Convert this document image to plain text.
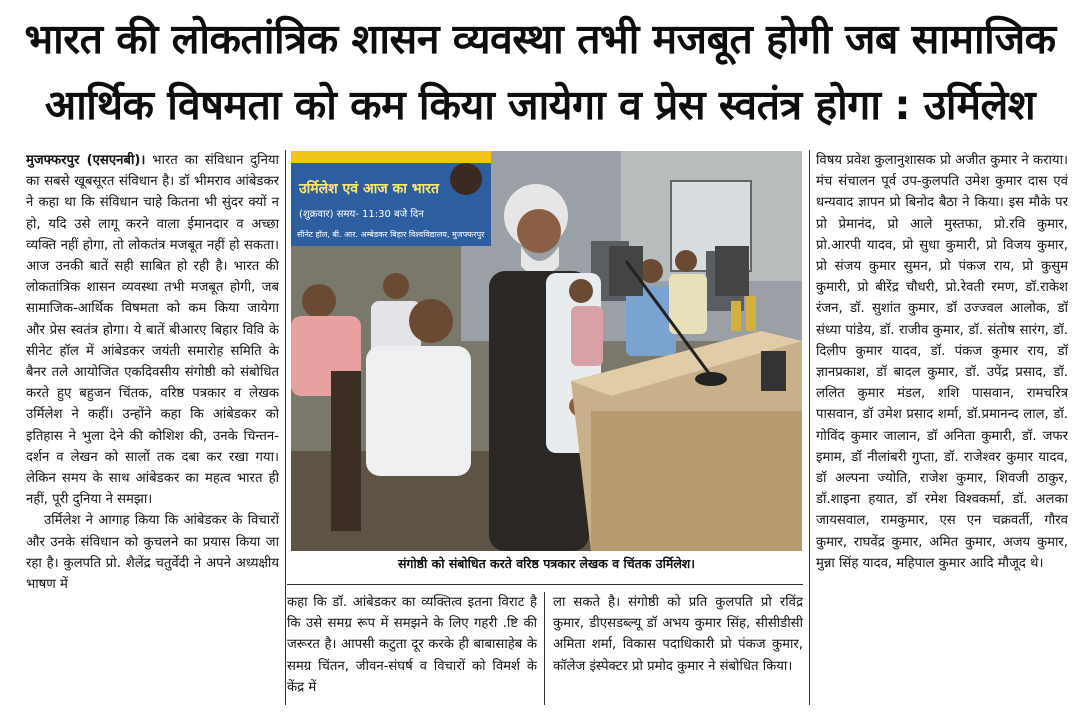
भारत की लोकतांत्रिक शासन व्यवस्था तभी मजबूत होगी जब सामाजिक
आर्थिक विषमता को कम किया जायेगा व प्रेस स्वतंत्र होगा : उर्मिलेश

मुजफ्फरपुर (एसएनबी)। भारत का संविधान दुनिया का सबसे खूबसूरत संविधान है। डॉ भीमराव आंबेडकर ने कहा था कि संविधान चाहे कितना भी सुंदर क्यों न हो, यदि उसे लागू करने वाला ईमानदार व अच्छा व्यक्ति नहीं होगा, तो लोकतंत्र मजबूत नहीं हो सकता। आज उनकी बातें सही साबित हो रही है। भारत की लोकतांत्रिक शासन व्यवस्था तभी मजबूत होगी, जब सामाजिक-आर्थिक विषमता को कम किया जायेगा और प्रेस स्वतंत्र होगा। ये बातें बीआरए बिहार विवि के सीनेट हॉल में आंबेडकर जयंती समारोह समिति के बैनर तले आयोजित एकदिवसीय संगोष्ठी को संबोधित करते हुए बहुजन चिंतक, वरिष्ठ पत्रकार व लेखक उर्मिलेश ने कहीं। उन्होंने कहा कि आंबेडकर को इतिहास ने भुला देने की कोशिश की, उनके चिन्तन-दर्शन व लेखन को सालों तक दबा कर रखा गया। लेकिन समय के साथ आंबेडकर का महत्व भारत ही नहीं, पूरी दुनिया ने समझा।

उर्मिलेश ने आगाह किया कि आंबेडकर के विचारों और उनके संविधान को कुचलने का प्रयास किया जा रहा है। कुलपति प्रो. शैलेंद्र चतुर्वेदी ने अपने अध्यक्षीय भाषण में

उर्मिलेश एवं आज का भारत
(शुक्रवार) समय- 11:30 बजे दिन
सीनेट हॉल, बी. आर. अम्बेडकर बिहार विश्वविद्यालय, मुजफ्फरपुर
संगोष्ठी को संबोधित करते वरिष्ठ पत्रकार लेखक व चिंतक उर्मिलेश।
कहा कि डॉ. आंबेडकर का व्यक्तित्व इतना विराट है कि उसे समग्र रूप में समझने के लिए गहरी .ष्टि की जरूरत है। आपसी कटुता दूर करके ही बाबासाहेब के समग्र चिंतन, जीवन-संघर्ष व विचारों को विमर्श के केंद्र में
ला सकते है। संगोष्ठी को प्रति कुलपति प्रो रविंद्र कुमार, डीएसडब्ल्यू डॉ अभय कुमार सिंह, सीसीडीसी अमिता शर्मा, विकास पदाधिकारी प्रो पंकज कुमार, कॉलेज इंस्पेक्टर प्रो प्रमोद कुमार ने संबोधित किया।
विषय प्रवेश कुलानुशासक प्रो अजीत कुमार ने कराया। मंच संचालन पूर्व उप-कुलपति उमेश कुमार दास एवं धन्यवाद ज्ञापन प्रो बिनोद बैठा ने किया। इस मौके पर प्रो प्रेमानंद, प्रो आले मुस्तफा, प्रो.रवि कुमार, प्रो.आरपी यादव, प्रो सुधा कुमारी, प्रो विजय कुमार, प्रो संजय कुमार सुमन, प्रो पंकज राय, प्रो कुसुम कुमारी, प्रो बीरेंद्र चौधरी, प्रो.रेवती रमण, डॉ.राकेश रंजन, डॉ. सुशांत कुमार, डॉ उज्ज्वल आलोक, डॉ संध्या पांडेय, डॉ. राजीव कुमार, डॉ. संतोष सारंग, डॉ. दिलीप कुमार यादव, डॉ. पंकज कुमार राय, डॉ ज्ञानप्रकाश, डॉ बादल कुमार, डॉ. उपेंद्र प्रसाद, डॉ. ललित कुमार मंडल, शशि पासवान, रामचरित्र पासवान, डॉ उमेश प्रसाद शर्मा, डॉ.प्रमानन्द लाल, डॉ. गोविंद कुमार जालान, डॉ अनिता कुमारी, डॉ. जफर इमाम, डॉ नीलांबरी गुप्ता, डॉ. राजेश्वर कुमार यादव, डॉ अल्पना ज्योति, राजेश कुमार, शिवजी ठाकुर, डॉ.शाइना हयात, डॉ रमेश विश्वकर्मा, डॉ. अलका जायसवाल, रामकुमार, एस एन चक्रवर्ती, गौरव कुमार, राघवेंद्र कुमार, अमित कुमार, अजय कुमार, मुन्ना सिंह यादव, महिपाल कुमार आदि मौजूद थे।
